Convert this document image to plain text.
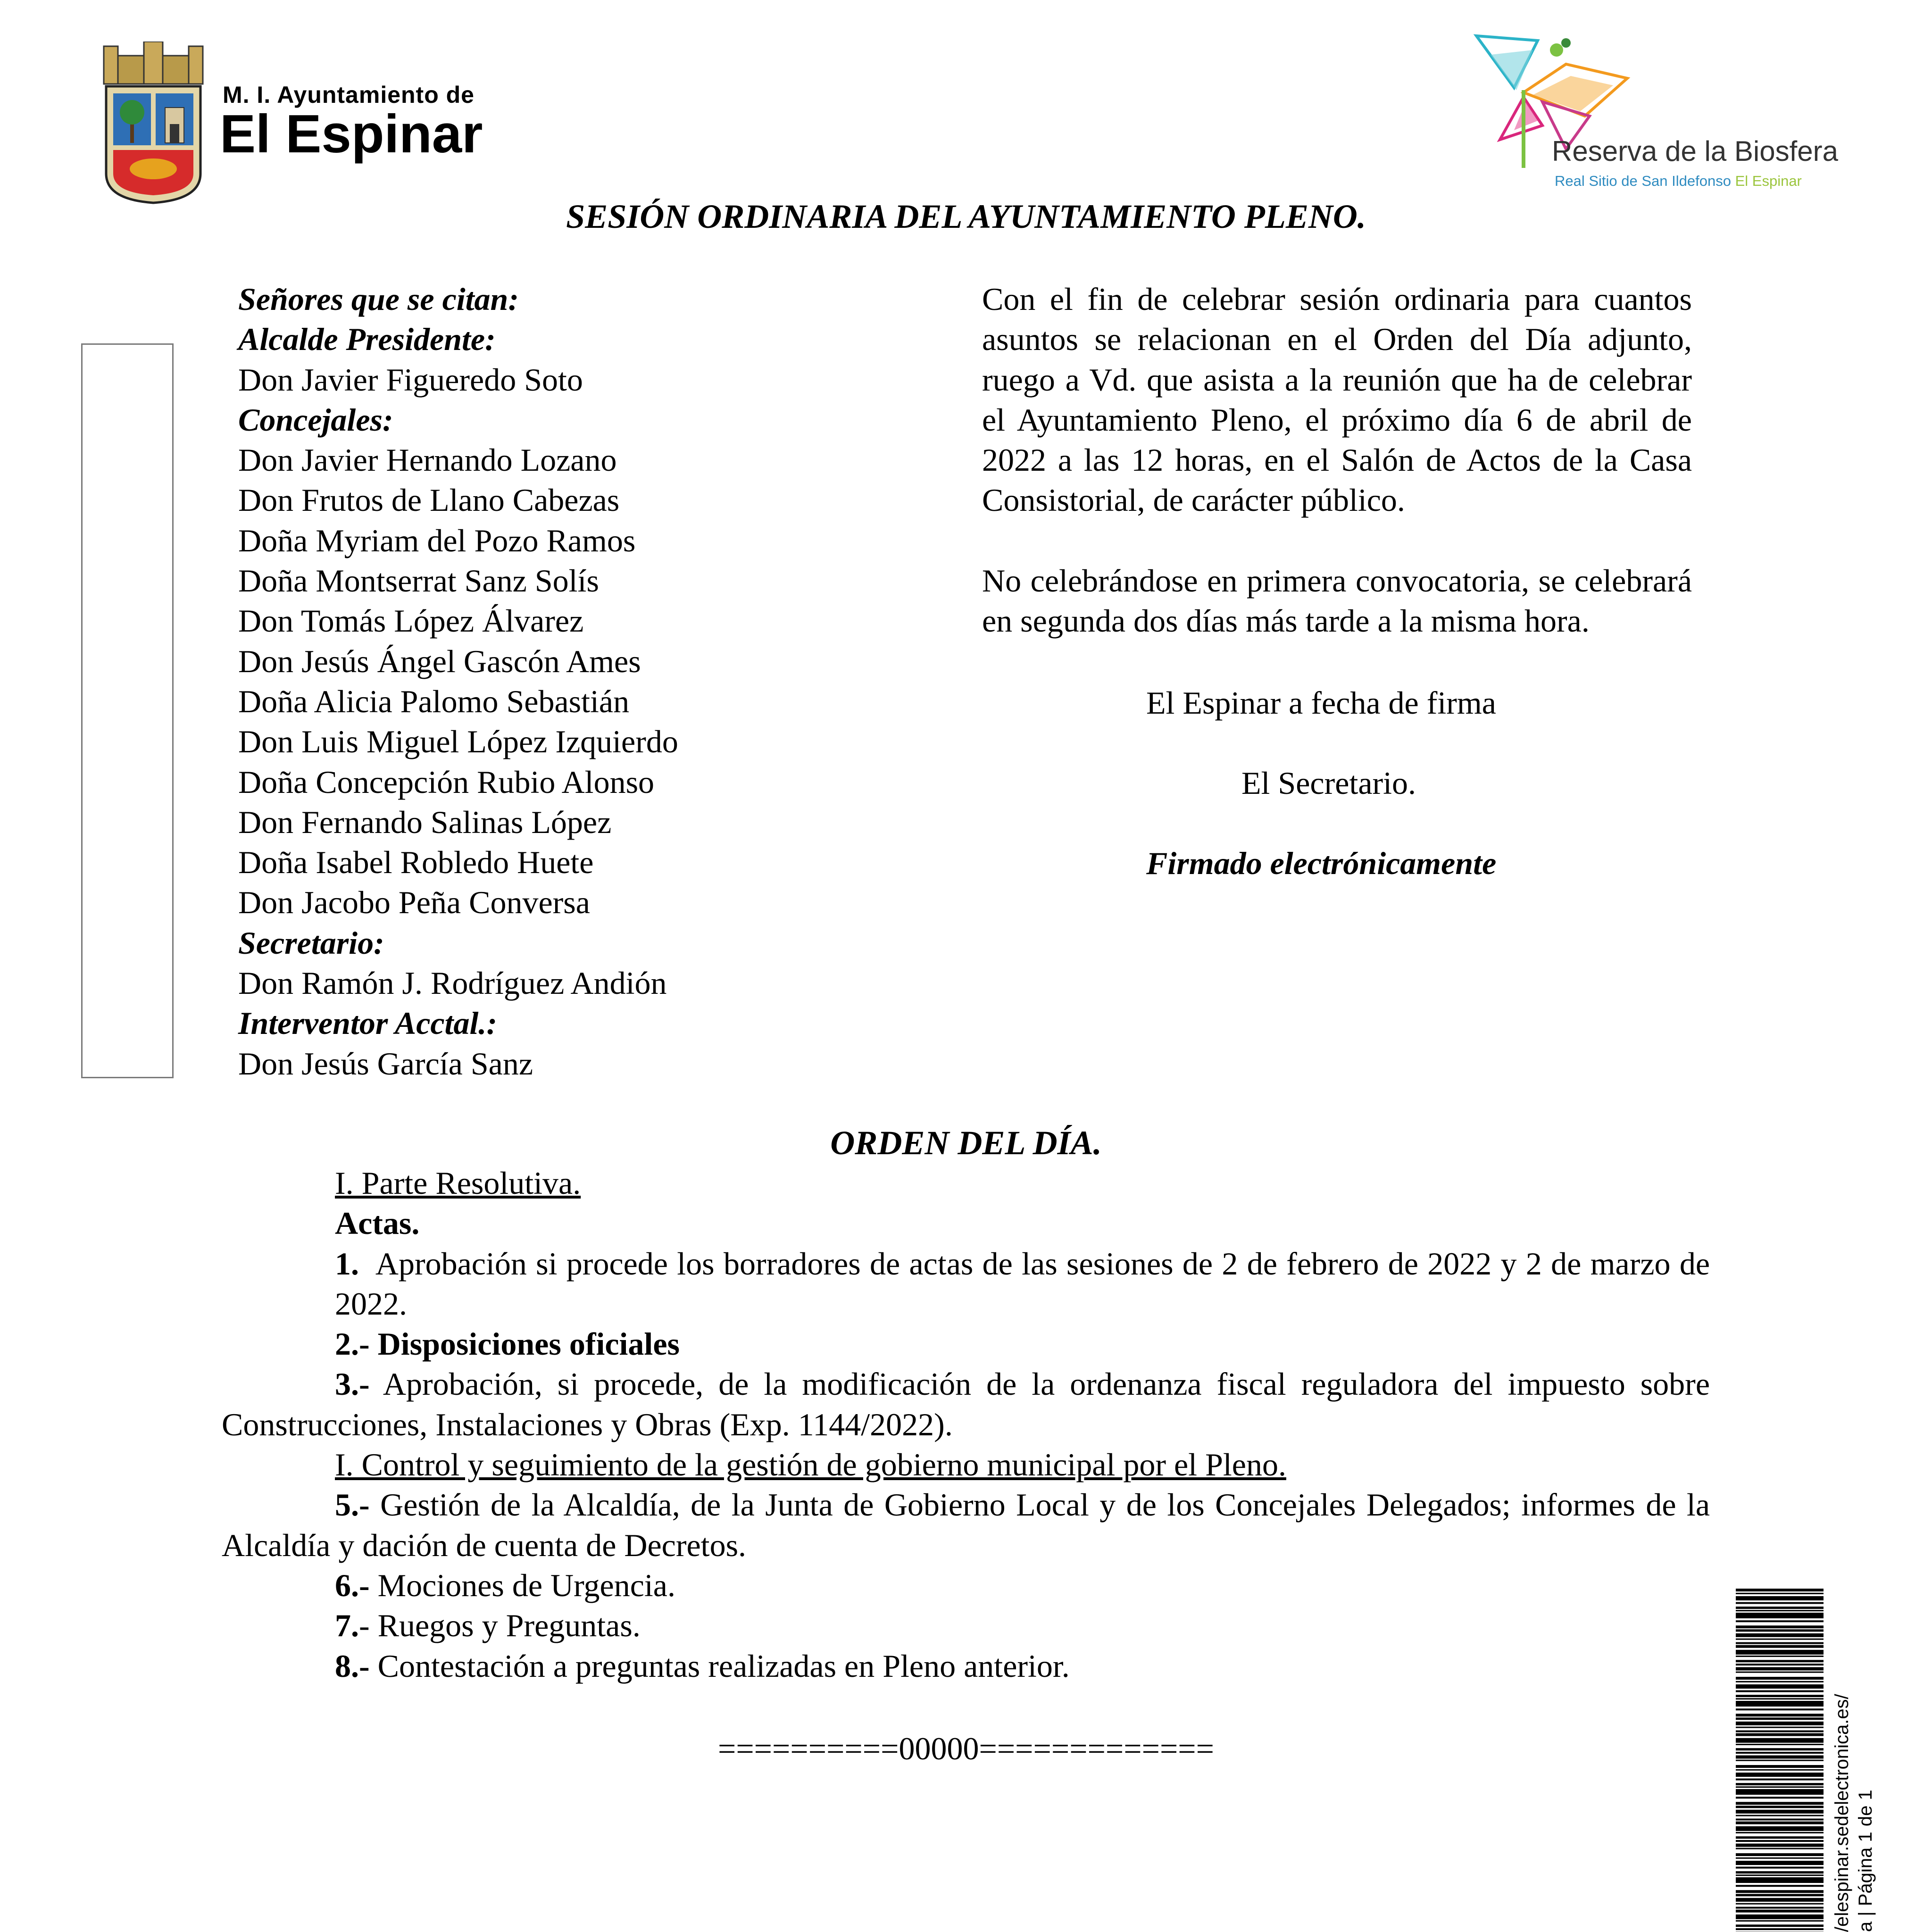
M. I. Ayuntamiento de
El Espinar	Reserva de la Biosfera
Real Sitio de San Ildefonso El Espinar
SESIÓN ORDINARIA DEL AYUNTAMIENTO PLENO.
Señores que se citan:
Alcalde Presidente:
Don Javier Figueredo Soto
Concejales:
Don Javier Hernando Lozano
Don Frutos de Llano Cabezas
Doña Myriam del Pozo Ramos
Doña Montserrat Sanz Solís
Don Tomás López Álvarez
Don Jesús Ángel Gascón Ames
Doña Alicia Palomo Sebastián
Don Luis Miguel López Izquierdo
Doña Concepción Rubio Alonso
Don Fernando Salinas López
Doña Isabel Robledo Huete
Don Jacobo Peña Conversa
Secretario:
Don Ramón J. Rodríguez Andión
Interventor Acctal.:
Don Jesús García Sanz

Con el fin de celebrar sesión ordinaria para cuantos asuntos se relacionan en el Orden del Día adjunto, ruego a Vd. que asista a la reunión que ha de celebrar el Ayuntamiento Pleno, el próximo día 6 de abril de 2022 a las 12 horas, en el Salón de Actos de la Casa Consistorial, de carácter público.

No celebrándose en primera convocatoria, se celebrará en segunda dos días más tarde a la misma hora.

El Espinar a fecha de firma
El Secretario.
Firmado electrónicamente
ORDEN DEL DÍA.

I. Parte Resolutiva.

Actas.

1. Aprobación si procede los borradores de actas de las sesiones de 2 de febrero de 2022 y 2 de marzo de 2022.

2.- Disposiciones oficiales

3.- Aprobación, si procede, de la modificación de la ordenanza fiscal reguladora del impuesto sobre Construcciones, Instalaciones y Obras (Exp. 1144/2022).

I. Control y seguimiento de la gestión de gobierno municipal por el Pleno.

5.- Gestión de la Alcaldía, de la Junta de Gobierno Local y de los Concejales Delegados; informes de la Alcaldía y dación de cuenta de Decretos.

6.- Mociones de Urgencia.

7.- Ruegos y Preguntas.

8.- Contestación a preguntas realizadas en Pleno anterior.

==========00000=============	/elespinar.sedelectronica.es/ a | Página 1 de 1
